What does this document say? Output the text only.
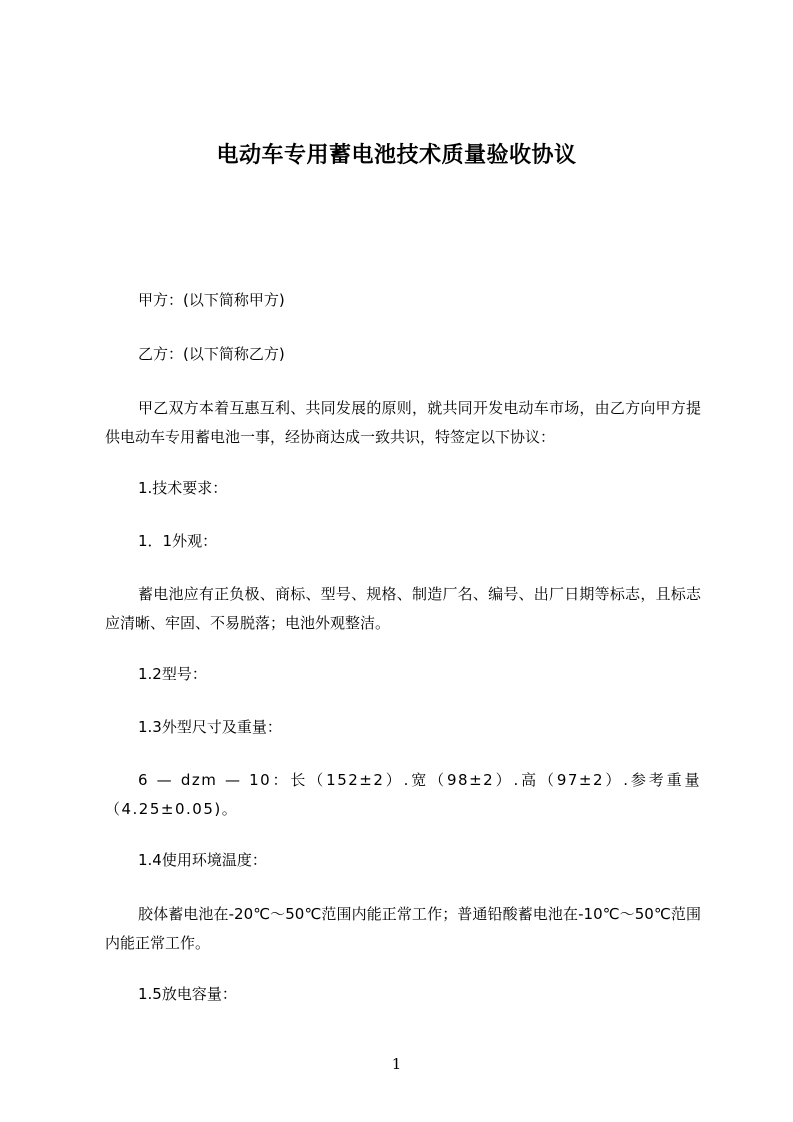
电动车专用蓄电池技术质量验收协议
甲方：(以下简称甲方)
乙方：(以下简称乙方)
甲乙双方本着互惠互利、共同发展的原则，就共同开发电动车市场，由乙方向甲方提供电动车专用蓄电池一事，经协商达成一致共识，特签定以下协议：
1.技术要求：
1．1外观：
蓄电池应有正负极、商标、型号、规格、制造厂名、编号、出厂日期等标志，且标志应清晰、牢固、不易脱落；电池外观整洁。
1.2型号：
1.3外型尺寸及重量：
6 — dzm — 10：长（152±2）.宽（98±2）.高（97±2）.参考重量（4.25±0.05)。
1.4使用环境温度：
胶体蓄电池在-20℃～50℃范围内能正常工作；普通铅酸蓄电池在-10℃～50℃范围内能正常工作。
1.5放电容量：
1
